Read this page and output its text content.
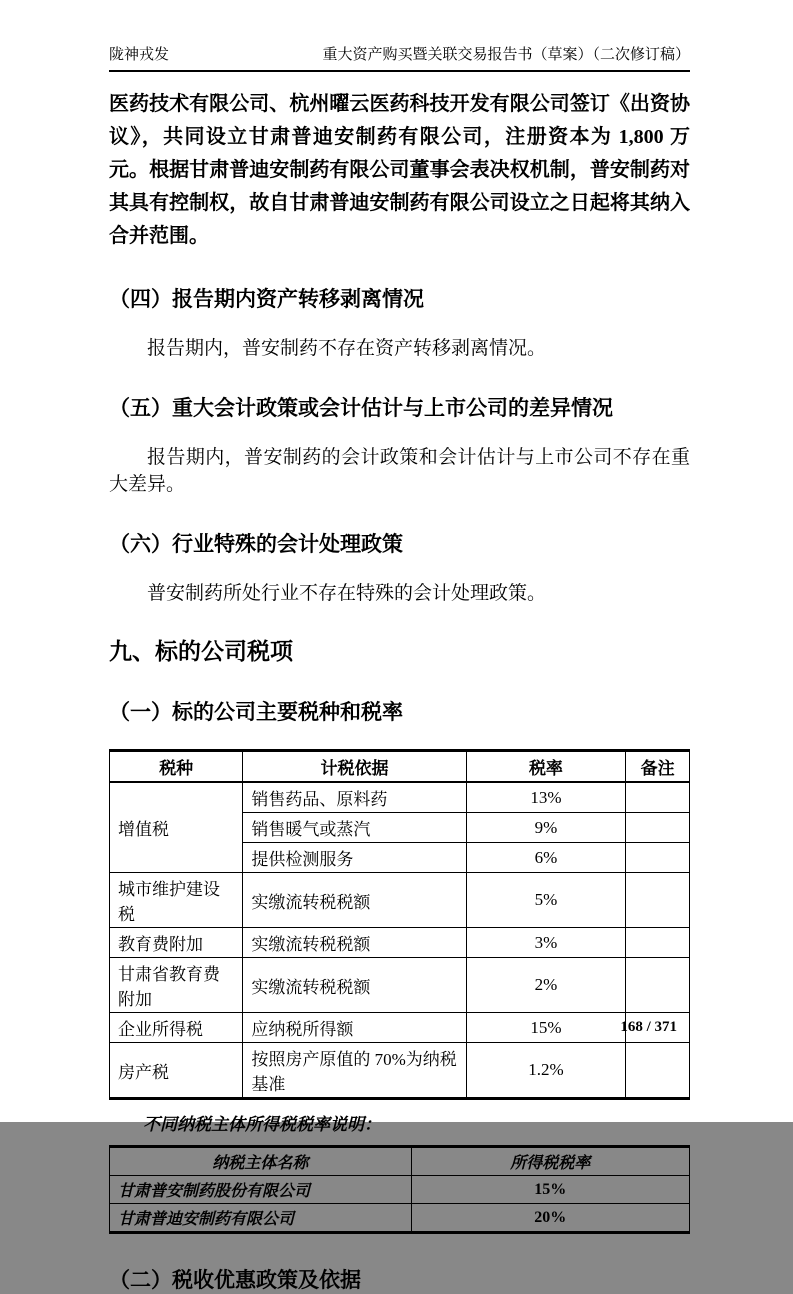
陇神戎发	重大资产购买暨关联交易报告书（草案）（二次修订稿）

医药技术有限公司、杭州曜云医药科技开发有限公司签订《出资协议》，共同设立甘肃普迪安制药有限公司，注册资本为 1,800 万元。根据甘肃普迪安制药有限公司董事会表决权机制，普安制药对其具有控制权，故自甘肃普迪安制药有限公司设立之日起将其纳入合并范围。

（四）报告期内资产转移剥离情况

报告期内，普安制药不存在资产转移剥离情况。

（五）重大会计政策或会计估计与上市公司的差异情况

报告期内，普安制药的会计政策和会计估计与上市公司不存在重大差异。

（六）行业特殊的会计处理政策

普安制药所处行业不存在特殊的会计处理政策。

九、标的公司税项
（一）标的公司主要税种和税率
税种	计税依据	税率	备注
增值税	销售药品、原料药	13%	
	销售暖气或蒸汽	9%	
	提供检测服务	6%	
城市维护建设税	实缴流转税税额	5%	
教育费附加	实缴流转税税额	3%	
甘肃省教育费附加	实缴流转税税额	2%	
企业所得税	应纳税所得额	15%	
房产税	按照房产原值的 70%为纳税基准	1.2%	

不同纳税主体所得税税率说明：

纳税主体名称	所得税税率
甘肃普安制药股份有限公司	15%
甘肃普迪安制药有限公司	20%
（二）税收优惠政策及依据
168 / 371
